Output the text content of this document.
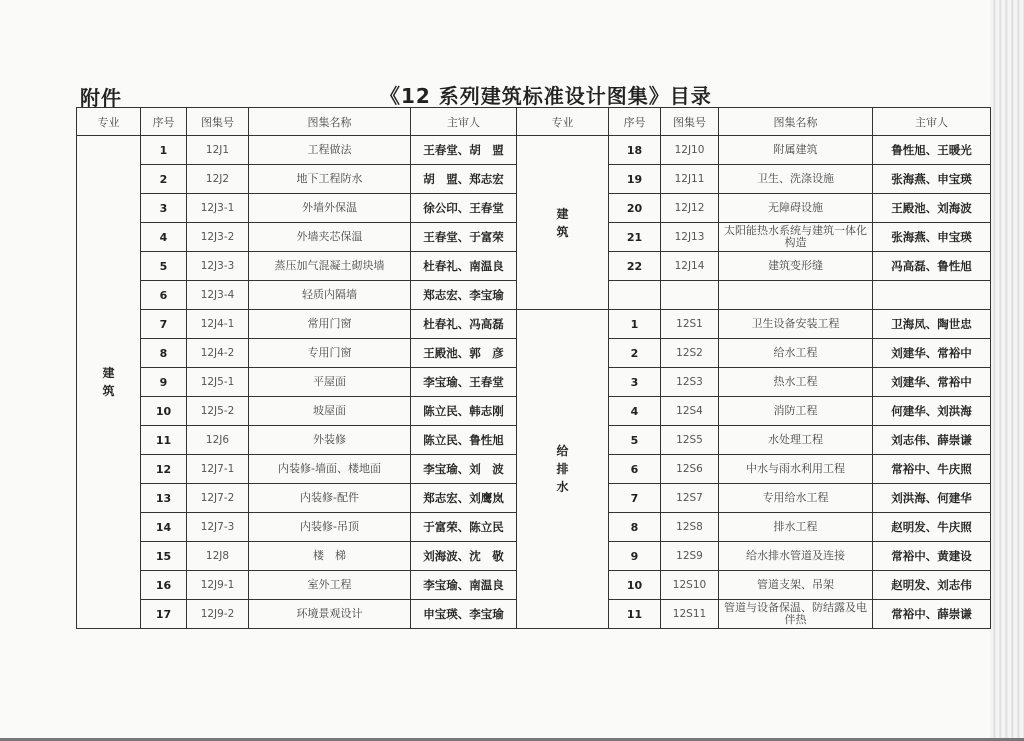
附件	《12 系列建筑标准设计图集》目录
专业	序号	图集号	图集名称	主审人	专业	序号	图集号	图集名称	主审人
建筑	1	12J1	工程做法	王春堂、胡　盟	建筑	18	12J10	附属建筑	鲁性旭、王暖光
	2	12J2	地下工程防水	胡　盟、郑志宏		19	12J11	卫生、洗涤设施	张海燕、申宝瑛
	3	12J3-1	外墙外保温	徐公印、王春堂		20	12J12	无障碍设施	王殿池、刘海波
	4	12J3-2	外墙夹芯保温	王春堂、于富荣		21	12J13	太阳能热水系统与建筑一体化构造	张海燕、申宝瑛
	5	12J3-3	蒸压加气混凝土砌块墙	杜春礼、南温良		22	12J14	建筑变形缝	冯高磊、鲁性旭
	6	12J3-4	轻质内隔墙	郑志宏、李宝瑜					
	7	12J4-1	常用门窗	杜春礼、冯高磊	给排水	1	12S1	卫生设备安装工程	卫海凤、陶世忠
	8	12J4-2	专用门窗	王殿池、郭　彦		2	12S2	给水工程	刘建华、常裕中
	9	12J5-1	平屋面	李宝瑜、王春堂		3	12S3	热水工程	刘建华、常裕中
	10	12J5-2	坡屋面	陈立民、韩志刚		4	12S4	消防工程	何建华、刘洪海
	11	12J6	外装修	陈立民、鲁性旭		5	12S5	水处理工程	刘志伟、薛崇谦
	12	12J7-1	内装修-墙面、楼地面	李宝瑜、刘　波		6	12S6	中水与雨水利用工程	常裕中、牛庆照
	13	12J7-2	内装修-配件	郑志宏、刘鹰岚		7	12S7	专用给水工程	刘洪海、何建华
	14	12J7-3	内装修-吊顶	于富荣、陈立民		8	12S8	排水工程	赵明发、牛庆照
	15	12J8	楼　梯	刘海波、沈　敬		9	12S9	给水排水管道及连接	常裕中、黄建设
	16	12J9-1	室外工程	李宝瑜、南温良		10	12S10	管道支架、吊架	赵明发、刘志伟
	17	12J9-2	环境景观设计	申宝瑛、李宝瑜		11	12S11	管道与设备保温、防结露及电伴热	常裕中、薛崇谦
